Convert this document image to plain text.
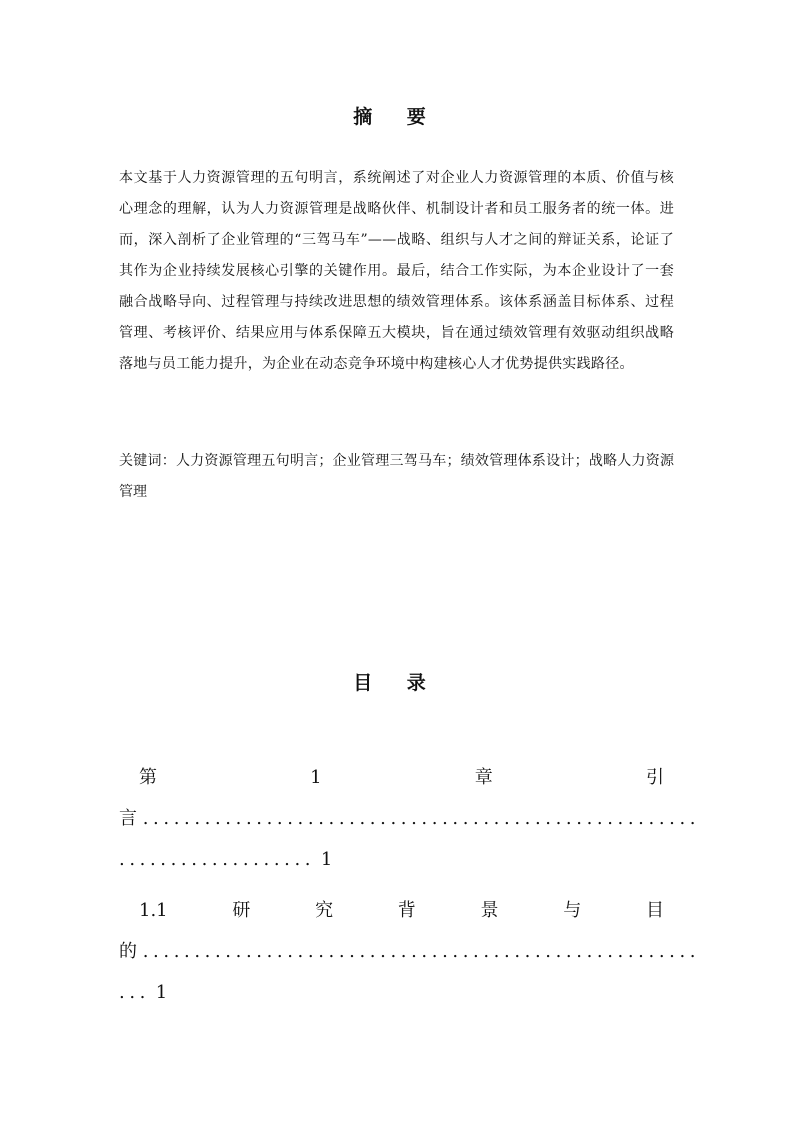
摘 要
本文基于人力资源管理的五句明言，系统阐述了对企业人力资源管理的本质、价值与核心理念的理解，认为人力资源管理是战略伙伴、机制设计者和员工服务者的统一体。进而，深入剖析了企业管理的“三驾马车”——战略、组织与人才之间的辩证关系，论证了其作为企业持续发展核心引擎的关键作用。最后，结合工作实际，为本企业设计了一套融合战略导向、过程管理与持续改进思想的绩效管理体系。该体系涵盖目标体系、过程管理、考核评价、结果应用与体系保障五大模块，旨在通过绩效管理有效驱动组织战略落地与员工能力提升，为企业在动态竞争环境中构建核心人才优势提供实践路径。
关键词：人力资源管理五句明言；企业管理三驾马车；绩效管理体系设计；战略人力资源管理
目 录
第	1	章	引
言 ......................................................
................... 1
1.1	研	究	背	景	与	目
的 ......................................................
... 1
